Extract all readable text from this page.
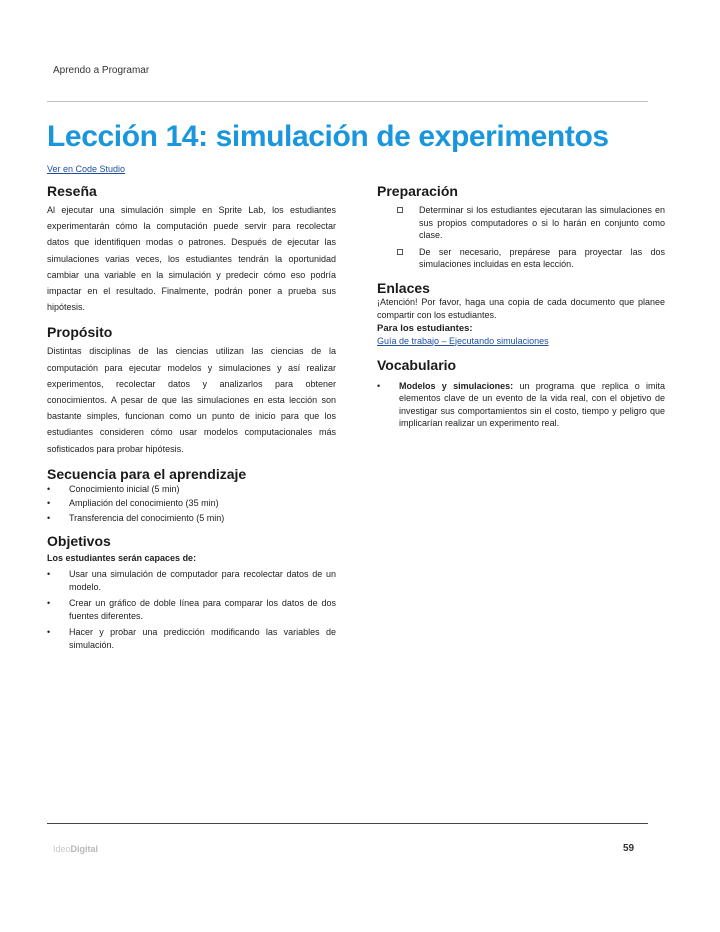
Aprendo a Programar
Lección 14: simulación de experimentos
Ver en Code Studio
Reseña

Al ejecutar una simulación simple en Sprite Lab, los estudiantes experimentarán cómo la computación puede servir para recolectar datos que identifiquen modas o patrones. Después de ejecutar las simulaciones varias veces, los estudiantes tendrán la oportunidad cambiar una variable en la simulación y predecir cómo eso podría impactar en el resultado. Finalmente, podrán poner a prueba sus hipótesis.

Propósito

Distintas disciplinas de las ciencias utilizan las ciencias de la computación para ejecutar modelos y simulaciones y así realizar experimentos, recolectar datos y analizarlos para obtener conocimientos. A pesar de que las simulaciones en esta lección son bastante simples, funcionan como un punto de inicio para que los estudiantes consideren cómo usar modelos computacionales más sofisticados para probar hipótesis.

Secuencia para el aprendizaje
•	Conocimiento inicial (5 min)
•	Ampliación del conocimiento (35 min)
•	Transferencia del conocimiento (5 min)
Objetivos
Los estudiantes serán capaces de:
•	Usar una simulación de computador para recolectar datos de un modelo.
•	Crear un gráfico de doble línea para comparar los datos de dos fuentes diferentes.
•	Hacer y probar una predicción modificando las variables de simulación.
Preparación
Determinar si los estudiantes ejecutaran las simulaciones en sus propios computadores o si lo harán en conjunto como clase.
De ser necesario, prepárese para proyectar las dos simulaciones incluidas en esta lección.
Enlaces

¡Atención! Por favor, haga una copia de cada documento que planee compartir con los estudiantes.

Para los estudiantes:
Guía de trabajo – Ejecutando simulaciones
Vocabulario
•	Modelos y simulaciones: un programa que replica o imita elementos clave de un evento de la vida real, con el objetivo de investigar sus comportamientos sin el costo, tiempo y peligro que implicarían realizar un experimento real.
IdeoDigital	59
